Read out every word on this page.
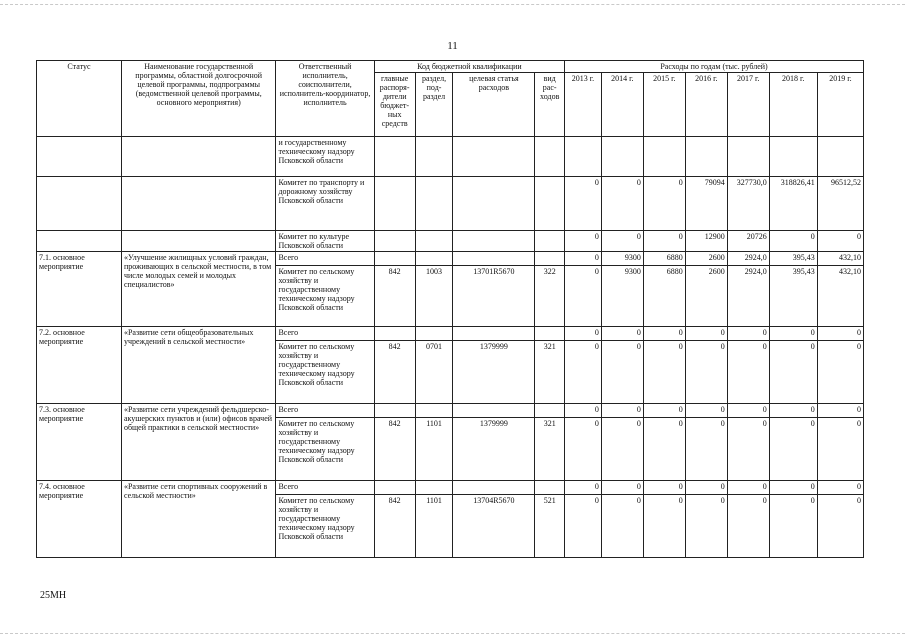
11
Статус	Наименование государственной программы, областной долгосрочной целевой программы, подпрограммы (ведомственной целевой программы, основного мероприятия)	Ответственный исполнитель, соисполнители, исполнитель-координатор, исполнитель	Код бюджетной квалификации				Расходы по годам (тыс. рублей)						
			главные распоря-дители бюджет-ных средств	раздел, под-раздел	целевая статья расходов	вид рас-ходов	2013 г.	2014 г.	2015 г.	2016 г.	2017 г.	2018 г.	2019 г.
		и государственному техническому надзору Псковской области											
		Комитет по транспорту и дорожному хозяйству Псковской области					0	0	0	79094	327730,0	318826,41	96512,52
		Комитет по культуре Псковской области					0	0	0	12900	20726	0	0
7.1. основное мероприятие	«Улучшение жилищных условий граждан, проживающих в сельской местности, в том числе молодых семей и молодых специалистов»	Всего					0	9300	6880	2600	2924,0	395,43	432,10
		Комитет по сельскому хозяйству и государственному техническому надзору Псковской области	842	1003	13701R5670	322	0	9300	6880	2600	2924,0	395,43	432,10
7.2. основное мероприятие	«Развитие сети общеобразовательных учреждений в сельской местности»	Всего					0	0	0	0	0	0	0
		Комитет по сельскому хозяйству и государственному техническому надзору Псковской области	842	0701	1379999	321	0	0	0	0	0	0	0
7.3. основное мероприятие	«Развитие сети учреждений фельдшерско-акушерских пунктов и (или) офисов врачей общей практики в сельской местности»	Всего					0	0	0	0	0	0	0
		Комитет по сельскому хозяйству и государственному техническому надзору Псковской области	842	1101	1379999	321	0	0	0	0	0	0	0
7.4. основное мероприятие	«Развитие сети спортивных сооружений в сельской местности»	Всего					0	0	0	0	0	0	0
		Комитет по сельскому хозяйству и государственному техническому надзору Псковской области	842	1101	13704R5670	521	0	0	0	0	0	0	0
25МН
